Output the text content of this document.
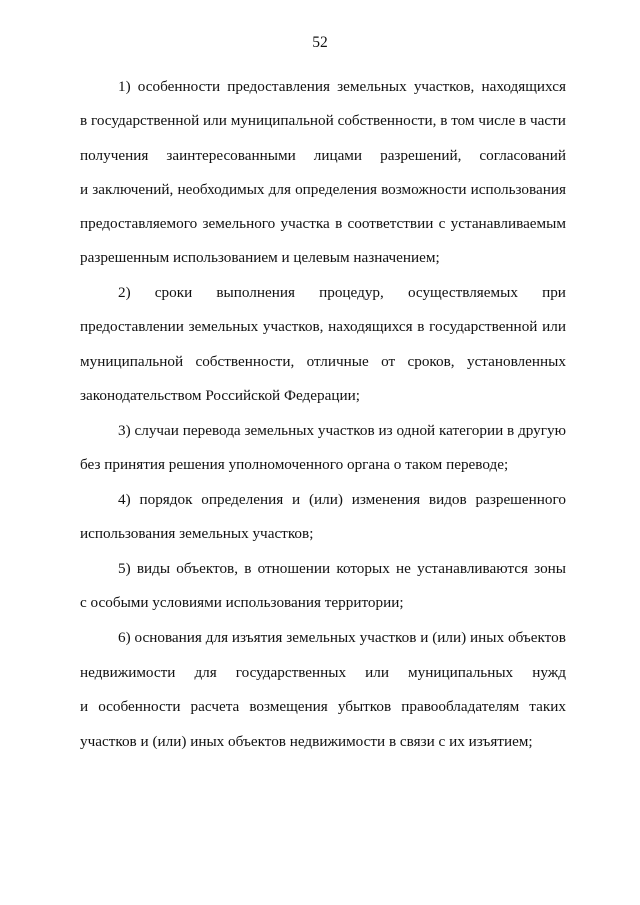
52
1) особенности предоставления земельных участков, находящихся
в государственной или муниципальной собственности, в том числе в части
получения заинтересованными лицами разрешений, согласований
и заключений, необходимых для определения возможности использования
предоставляемого земельного участка в соответствии с устанавливаемым
разрешенным использованием и целевым назначением;
2) сроки выполнения процедур, осуществляемых при
предоставлении земельных участков, находящихся в государственной или
муниципальной собственности, отличные от сроков, установленных
законодательством Российской Федерации;
3) случаи перевода земельных участков из одной категории в другую
без принятия решения уполномоченного органа о таком переводе;
4) порядок определения и (или) изменения видов разрешенного
использования земельных участков;
5) виды объектов, в отношении которых не устанавливаются зоны
с особыми условиями использования территории;
6) основания для изъятия земельных участков и (или) иных объектов
недвижимости для государственных или муниципальных нужд
и особенности расчета возмещения убытков правообладателям таких
участков и (или) иных объектов недвижимости в связи с их изъятием;
